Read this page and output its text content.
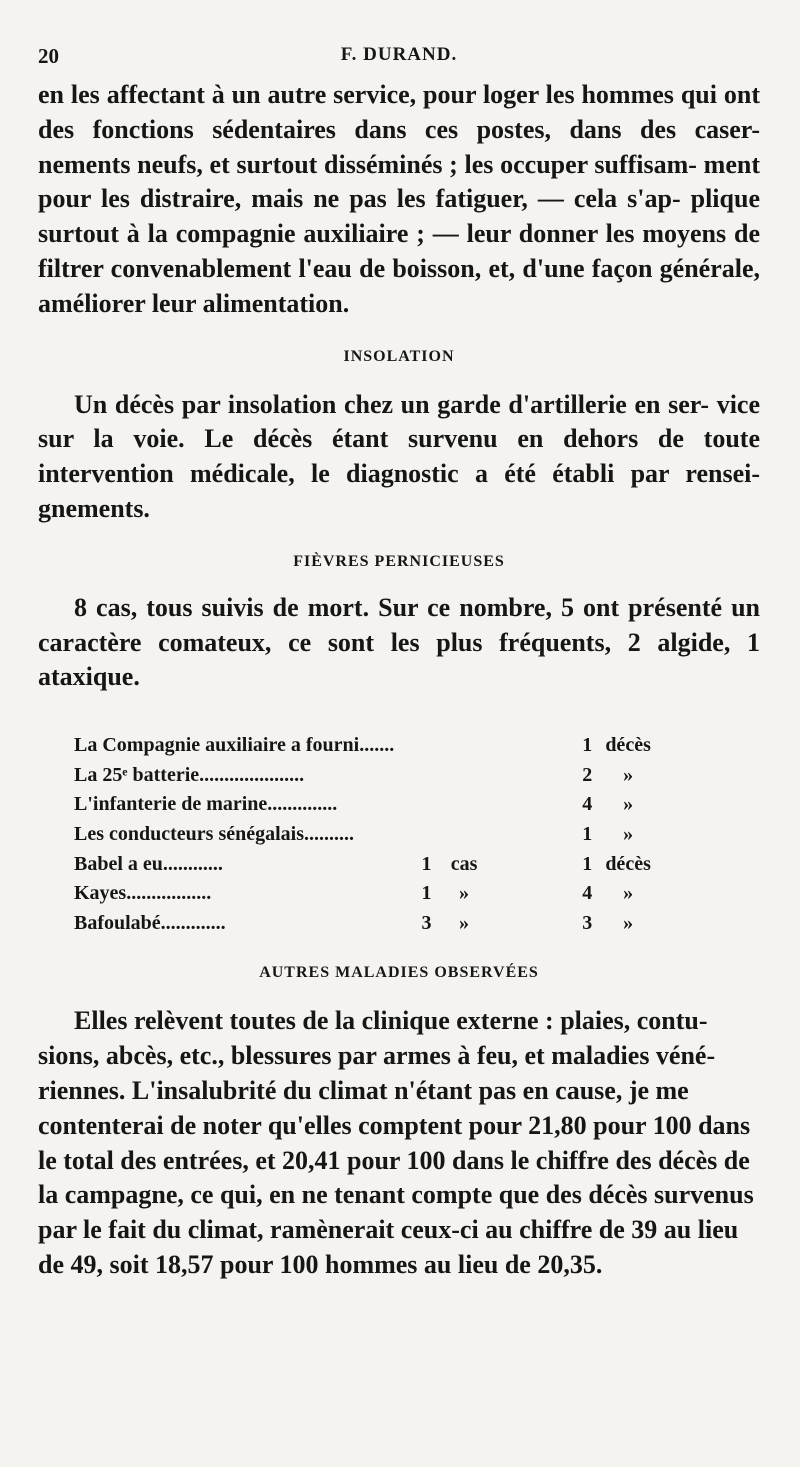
20	F. DURAND.

en les affectant à un autre service, pour loger les hommes qui ont des fonctions sédentaires dans ces postes, dans des caser- nements neufs, et surtout disséminés ; les occuper suffisam- ment pour les distraire, mais ne pas les fatiguer, — cela s'ap- plique surtout à la compagnie auxiliaire ; — leur donner les moyens de filtrer convenablement l'eau de boisson, et, d'une façon générale, améliorer leur alimentation.

INSOLATION

Un décès par insolation chez un garde d'artillerie en ser- vice sur la voie. Le décès étant survenu en dehors de toute intervention médicale, le diagnostic a été établi par rensei- gnements.

FIÈVRES PERNICIEUSES

8 cas, tous suivis de mort. Sur ce nombre, 5 ont présenté un caractère comateux, ce sont les plus fréquents, 2 algide, 1 ataxique.

La Compagnie auxiliaire a fourni.......					1	décès
La 25ᵉ batterie.....................					2	»
L'infanterie de marine..............					4	»
Les conducteurs sénégalais..........					1	»
Babel a eu............		1	cas		1	décès
Kayes.................		1	»		4	»
Bafoulabé.............		3	»		3	»
AUTRES MALADIES OBSERVÉES

Elles relèvent toutes de la clinique externe : plaies, contu- sions, abcès, etc., blessures par armes à feu, et maladies véné- riennes. L'insalubrité du climat n'étant pas en cause, je me contenterai de noter qu'elles comptent pour 21,80 pour 100 dans le total des entrées, et 20,41 pour 100 dans le chiffre des décès de la campagne, ce qui, en ne tenant compte que des décès survenus par le fait du climat, ramènerait ceux-ci au chiffre de 39 au lieu de 49, soit 18,57 pour 100 hommes au lieu de 20,35.
